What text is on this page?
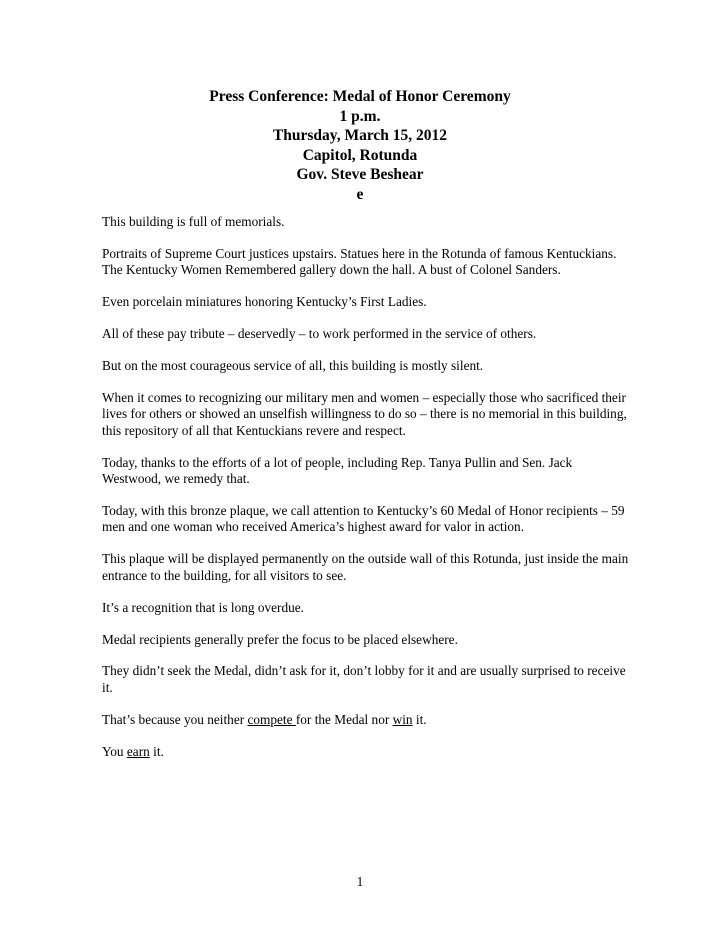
Press Conference: Medal of Honor Ceremony
1 p.m.
Thursday, March 15, 2012
Capitol, Rotunda
Gov. Steve Beshear
e

This building is full of memorials.

Portraits of Supreme Court justices upstairs. Statues here in the Rotunda of famous Kentuckians. The Kentucky Women Remembered gallery down the hall. A bust of Colonel Sanders.

Even porcelain miniatures honoring Kentucky’s First Ladies.

All of these pay tribute – deservedly – to work performed in the service of others.

But on the most courageous service of all, this building is mostly silent.

When it comes to recognizing our military men and women – especially those who sacrificed their lives for others or showed an unselfish willingness to do so – there is no memorial in this building, this repository of all that Kentuckians revere and respect.

Today, thanks to the efforts of a lot of people, including Rep. Tanya Pullin and Sen. Jack Westwood, we remedy that.

Today, with this bronze plaque, we call attention to Kentucky’s 60 Medal of Honor recipients – 59 men and one woman who received America’s highest award for valor in action.

This plaque will be displayed permanently on the outside wall of this Rotunda, just inside the main entrance to the building, for all visitors to see.

It’s a recognition that is long overdue.

Medal recipients generally prefer the focus to be placed elsewhere.

They didn’t seek the Medal, didn’t ask for it, don’t lobby for it and are usually surprised to receive it.

That’s because you neither compete for the Medal nor win it.

You earn it.

1
